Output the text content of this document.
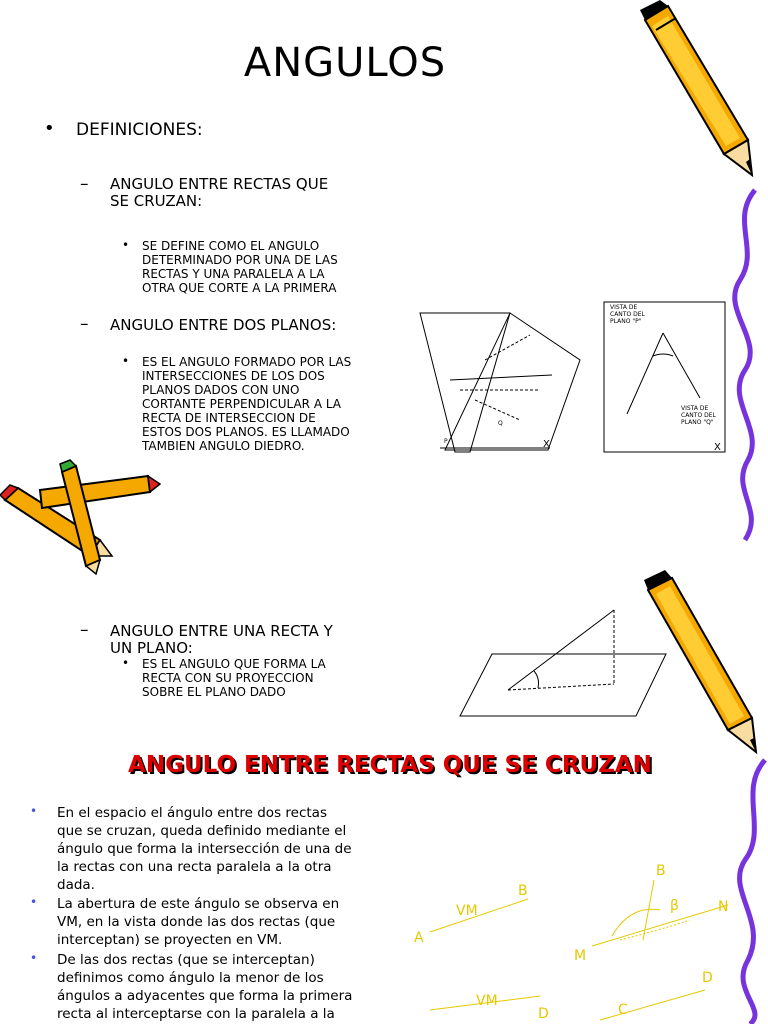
ANGULOS
• DEFINICIONES:
– ANGULO ENTRE RECTAS QUE
SE CRUZAN:
• SE DEFINE COMO EL ANGULO
DETERMINADO POR UNA DE LAS
RECTAS Y UNA PARALELA A LA
OTRA QUE CORTE A LA PRIMERA
– ANGULO ENTRE DOS PLANOS:
• ES EL ANGULO FORMADO POR LAS
INTERSECCIONES DE LOS DOS
PLANOS DADOS CON UNO
CORTANTE PERPENDICULAR A LA
RECTA DE INTERSECCION DE
ESTOS DOS PLANOS. ES LLAMADO
TAMBIEN ANGULO DIEDRO.
– ANGULO ENTRE UNA RECTA Y
UN PLANO:
• ES EL ANGULO QUE FORMA LA
RECTA CON SU PROYECCION
SOBRE EL PLANO DADO
ANGULO ENTRE RECTAS QUE SE CRUZAN
• En el espacio el ángulo entre dos rectas
que se cruzan, queda definido mediante el
ángulo que forma la intersección de una de
la rectas con una recta paralela a la otra
dada.
• La abertura de este ángulo se observa en
VM, en la vista donde las dos rectas (que
interceptan) se proyecten en VM.
• De las dos rectas (que se interceptan)
definimos como ángulo la menor de los
ángulos a adyacentes que forma la primera
recta al interceptarse con la paralela a la
P
Q
X
VISTA DE
CANTO DEL
PLANO "P"
VISTA DE
CANTO DEL
PLANO "Q"
X
A
B
VM
B
β	N
M
VM
D
D
C
